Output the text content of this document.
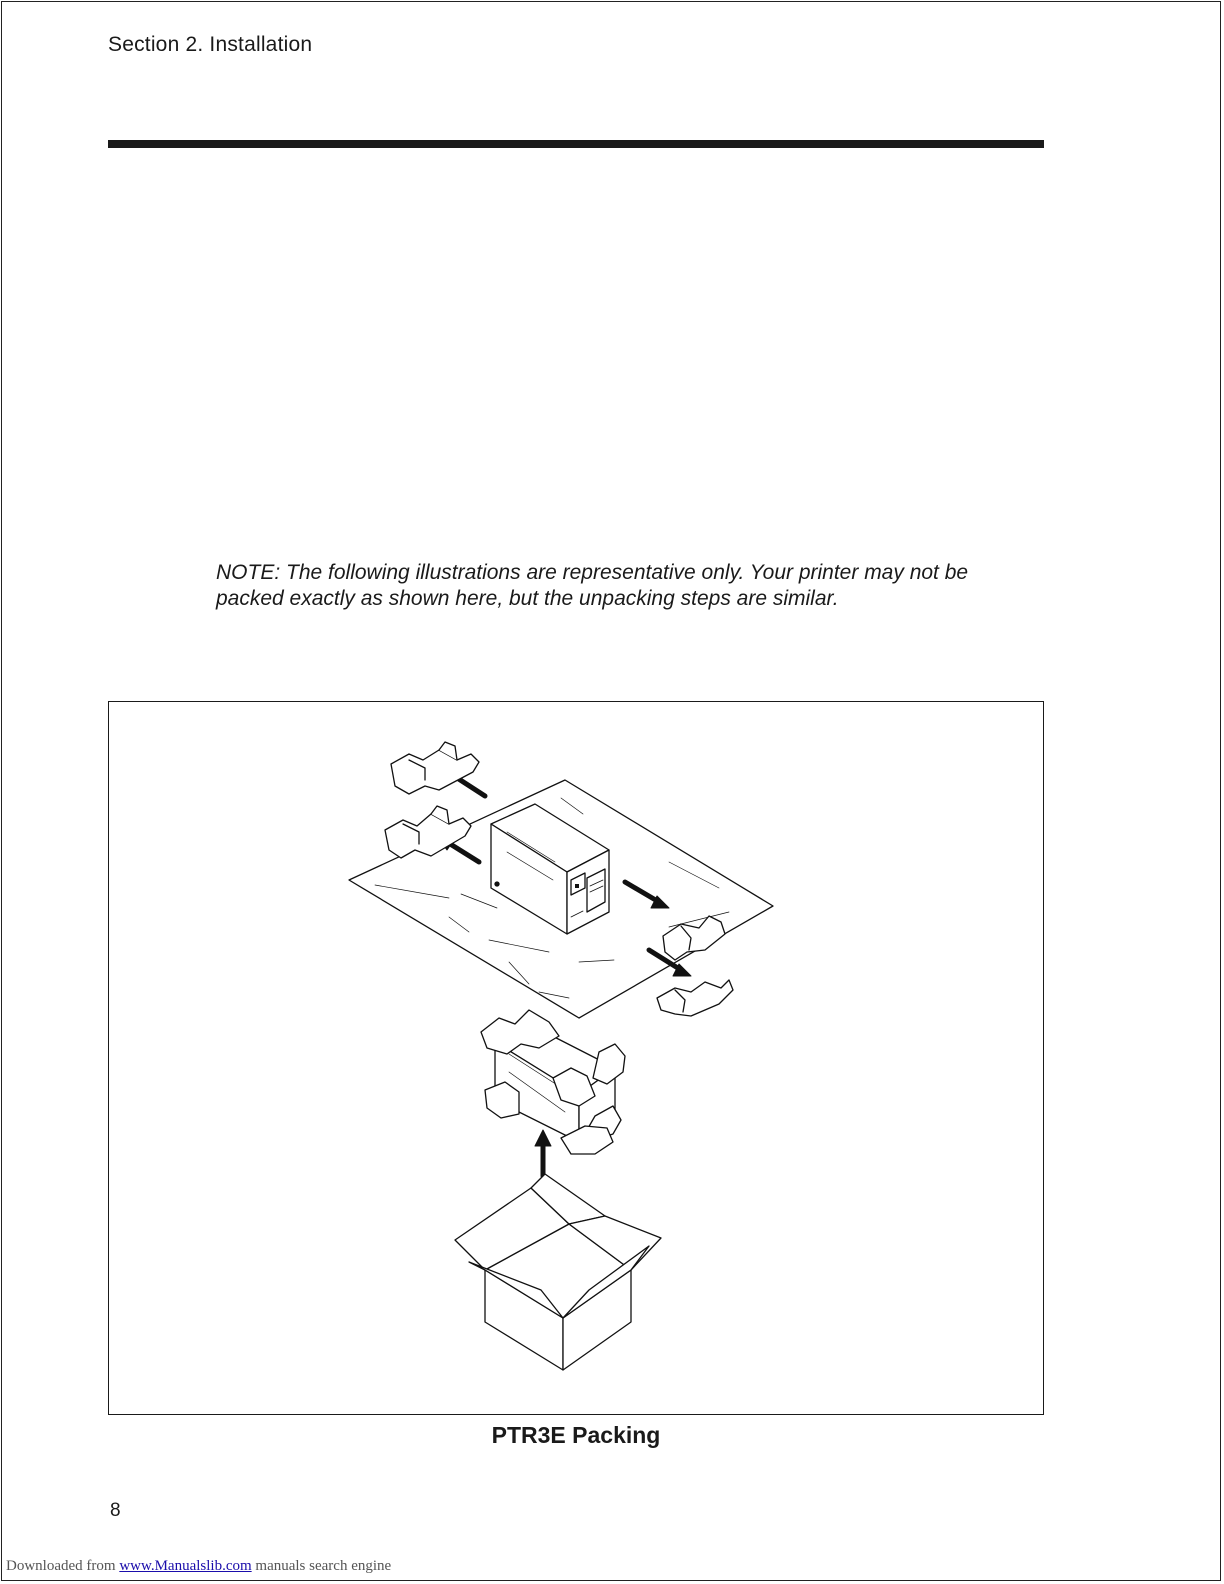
Section 2. Installation

NOTE: The following illustrations are representative only. Your printer may not be

packed exactly as shown here, but the unpacking steps are similar.

PTR3E Packing
8
Downloaded from www.Manualslib.com manuals search engine
